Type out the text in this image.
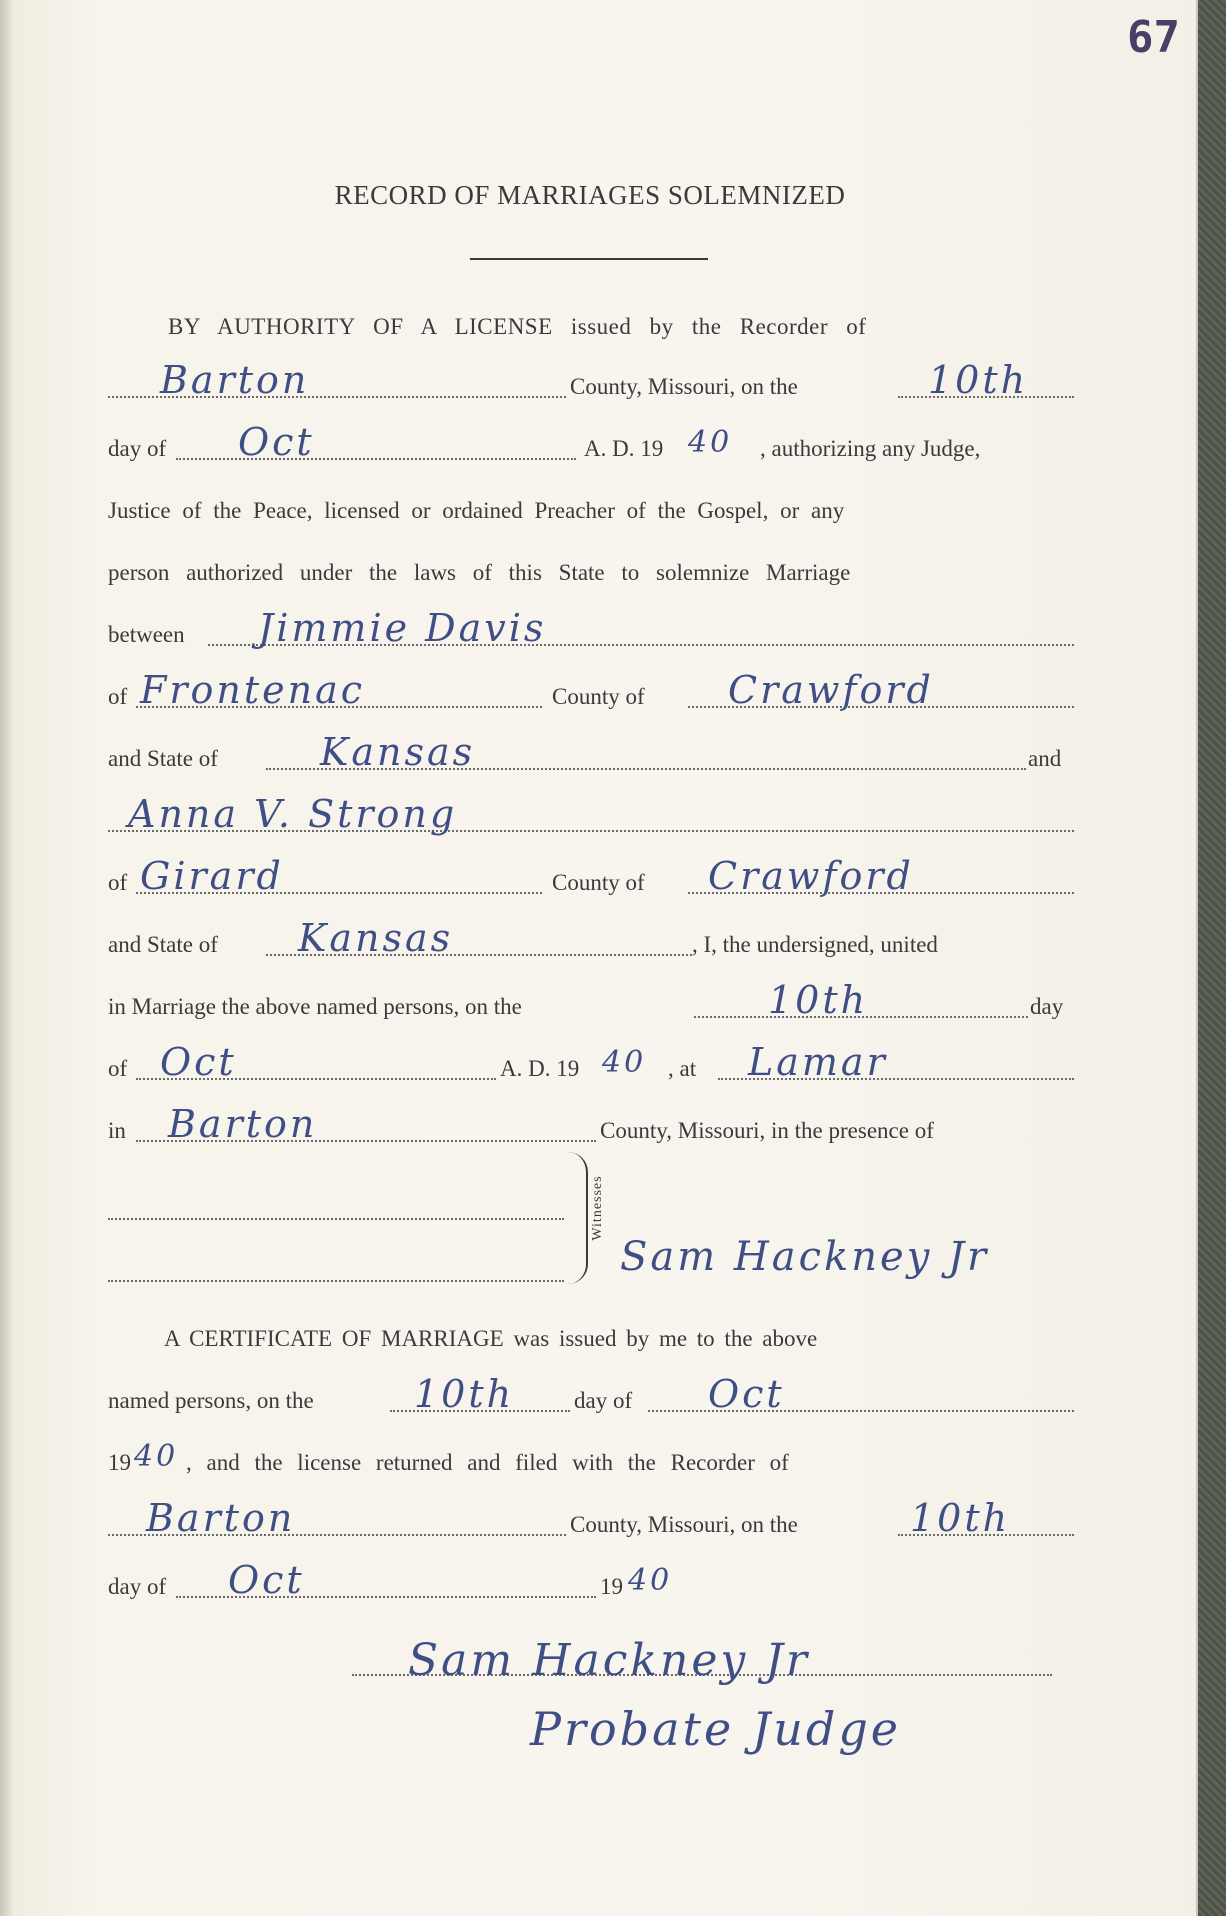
67
RECORD OF MARRIAGES SOLEMNIZED
BY AUTHORITY OF A LICENSE issued by the Recorder of
Barton	County, Missouri, on the	10th
day of Oct	A. D. 19 40 , authorizing any Judge,
Justice of the Peace, licensed or ordained Preacher of the Gospel, or any
person authorized under the laws of this State to solemnize Marriage
between Jimmie Davis
of Frontenac	County of Crawford
and State of	Kansas	and
Anna V. Strong
of Girard	County of Crawford
and State of Kansas	, I, the undersigned, united
in Marriage the above named persons, on the	10th	day
of Oct	A. D. 19 40 , at Lamar
in Barton	County, Missouri, in the presence of
Witnesses
Sam Hackney Jr
A CERTIFICATE OF MARRIAGE was issued by me to the above
named persons, on the	10th	day of Oct
19 40 , and the license returned and filed with the Recorder of
Barton	County, Missouri, on the	10th
day of Oct	19 40
Sam Hackney Jr
Probate Judge
